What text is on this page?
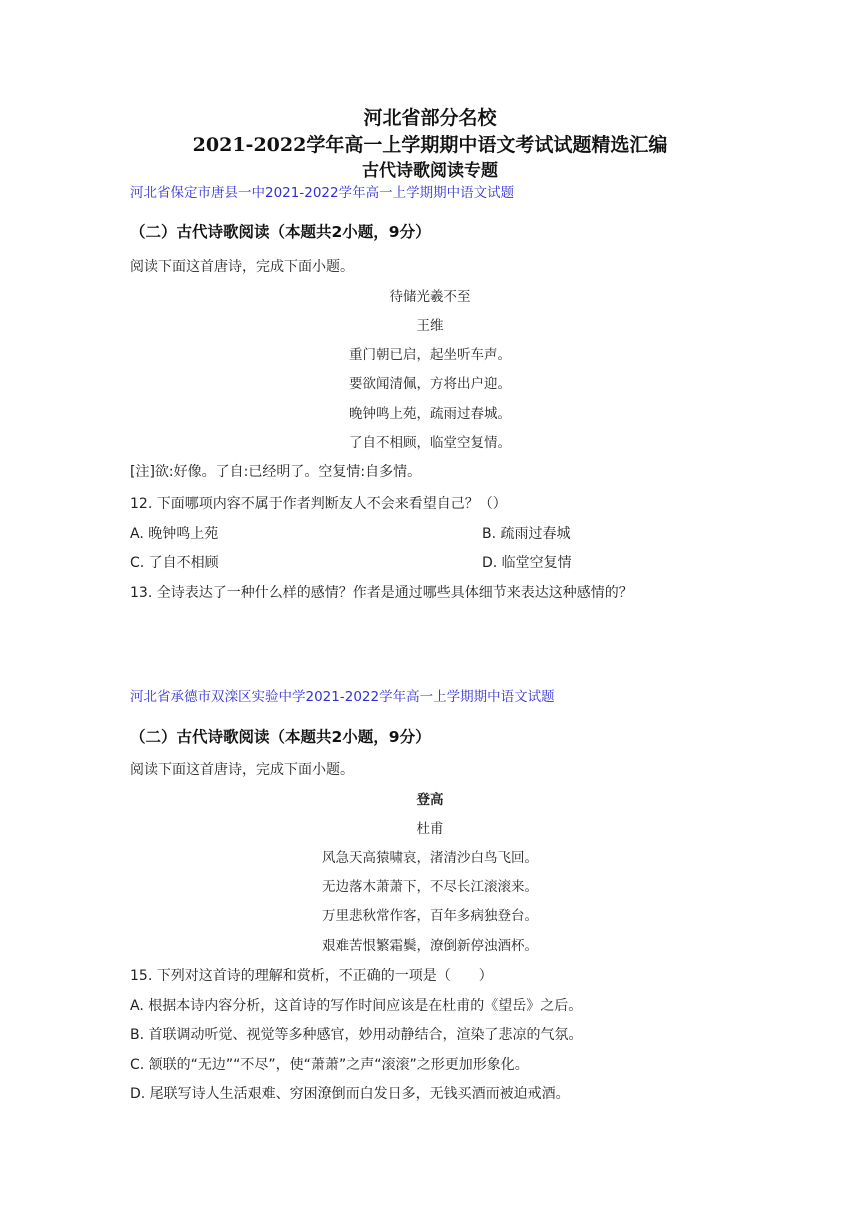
河北省部分名校
2021-2022学年高一上学期期中语文考试试题精选汇编
古代诗歌阅读专题
河北省保定市唐县一中2021-2022学年高一上学期期中语文试题
（二）古代诗歌阅读（本题共2小题，9分）
阅读下面这首唐诗，完成下面小题。
待储光羲不至
王维
重门朝已启，起坐听车声。
要欲闻清佩，方将出户迎。
晚钟鸣上苑，疏雨过春城。
了自不相顾，临堂空复情。
[注]欲:好像。了自:已经明了。空复情:自多情。
12. 下面哪项内容不属于作者判断友人不会来看望自己？（）
A. 晚钟鸣上苑	B. 疏雨过春城
C. 了自不相顾	D. 临堂空复情
13. 全诗表达了一种什么样的感情？作者是通过哪些具体细节来表达这种感情的？
河北省承德市双滦区实验中学2021-2022学年高一上学期期中语文试题
（二）古代诗歌阅读（本题共2小题，9分）
阅读下面这首唐诗，完成下面小题。
登高
杜甫
风急天高猿啸哀，渚清沙白鸟飞回。
无边落木萧萧下，不尽长江滚滚来。
万里悲秋常作客，百年多病独登台。
艰难苦恨繁霜鬓，潦倒新停浊酒杯。
15. 下列对这首诗的理解和赏析，不正确的一项是（　　）
A. 根据本诗内容分析，这首诗的写作时间应该是在杜甫的《望岳》之后。
B. 首联调动听觉、视觉等多种感官，妙用动静结合，渲染了悲凉的气氛。
C. 颔联的“无边”“不尽”，使“萧萧”之声“滚滚”之形更加形象化。
D. 尾联写诗人生活艰难、穷困潦倒而白发日多，无钱买酒而被迫戒酒。
